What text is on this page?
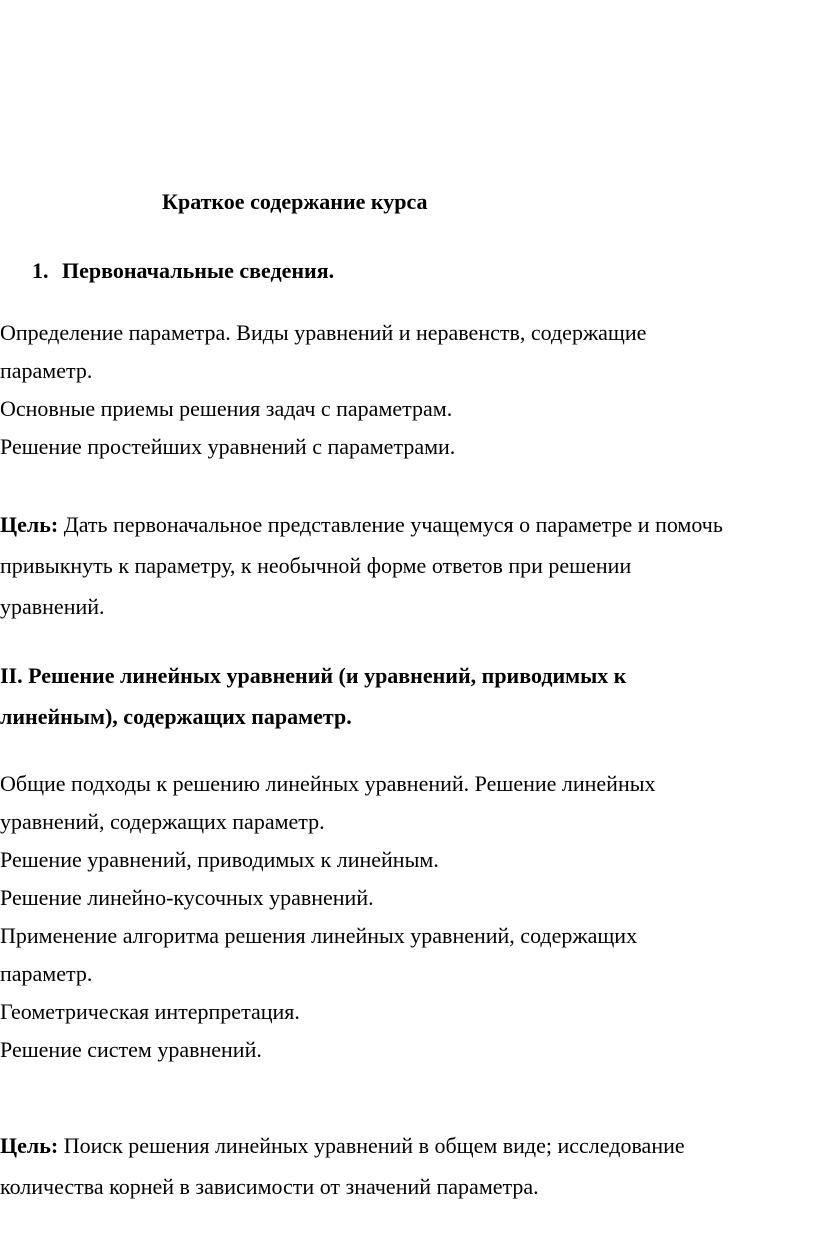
Краткое содержание курса
1. Первоначальные сведения.
Определение параметра. Виды уравнений и неравенств, содержащие
параметр.
Основные приемы решения задач с параметрам.
Решение простейших уравнений с параметрами.
Цель: Дать первоначальное представление учащемуся о параметре и помочь
привыкнуть к параметру, к необычной форме ответов при решении
уравнений.
II. Решение линейных уравнений (и уравнений, приводимых к
линейным), содержащих параметр.
Общие подходы к решению линейных уравнений. Решение линейных
уравнений, содержащих параметр.
Решение уравнений, приводимых к линейным.
Решение линейно-кусочных уравнений.
Применение алгоритма решения линейных уравнений, содержащих
параметр.
Геометрическая интерпретация.
Решение систем уравнений.
Цель: Поиск решения линейных уравнений в общем виде; исследование
количества корней в зависимости от значений параметра.
